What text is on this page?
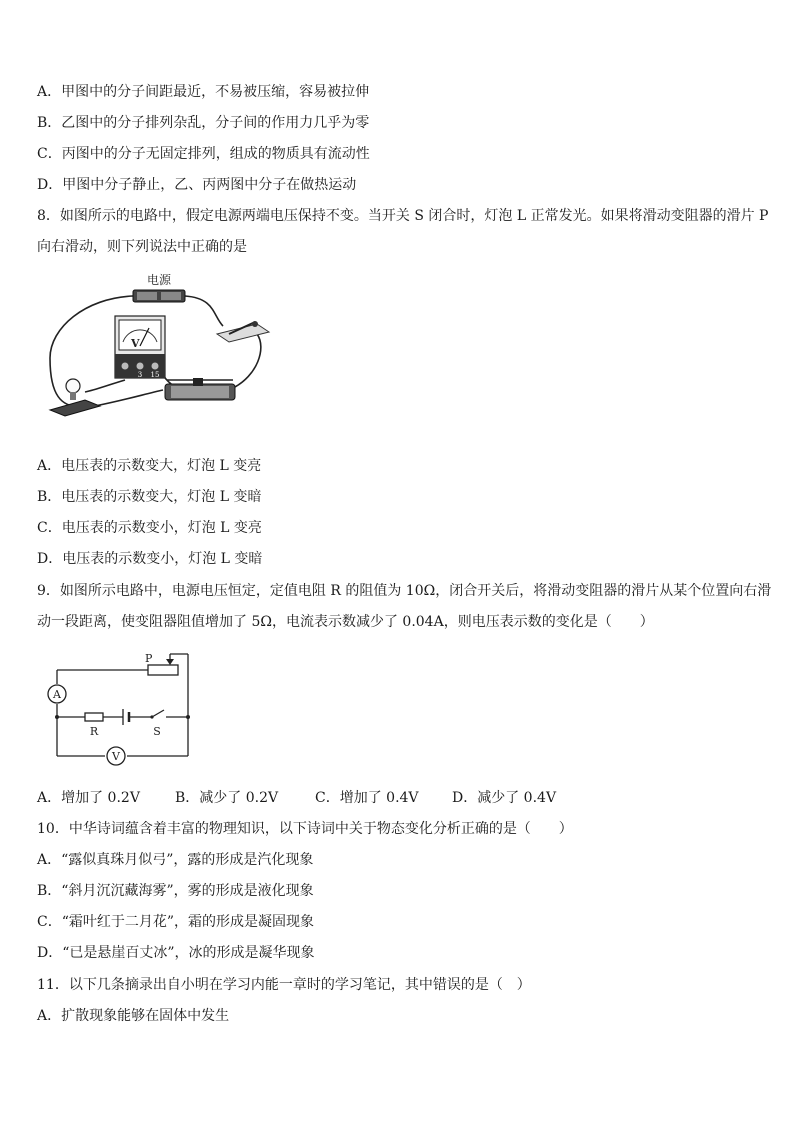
A．甲图中的分子间距最近，不易被压缩，容易被拉伸
B．乙图中的分子排列杂乱，分子间的作用力几乎为零
C．丙图中的分子无固定排列，组成的物质具有流动性
D．甲图中分子静止，乙、丙两图中分子在做热运动
8．如图所示的电路中，假定电源两端电压保持不变。当开关 S 闭合时，灯泡 L 正常发光。如果将滑动变阻器的滑片 P
向右滑动，则下列说法中正确的是
电源
V
3 15
A．电压表的示数变大，灯泡 L 变亮
B．电压表的示数变大，灯泡 L 变暗
C．电压表的示数变小，灯泡 L 变亮
D．电压表的示数变小，灯泡 L 变暗
9．如图所示电路中，电源电压恒定，定值电阻 R 的阻值为 10Ω，闭合开关后，将滑动变阻器的滑片从某个位置向右滑
动一段距离，使变阻器阻值增加了 5Ω，电流表示数减少了 0.04A，则电压表示数的变化是（　　）
P
A
R	S
V
A．增加了 0.2V	B．减少了 0.2V	C．增加了 0.4V D．减少了 0.4V
10．中华诗词蕴含着丰富的物理知识，以下诗词中关于物态变化分析正确的是（　　）
A．“露似真珠月似弓”，露的形成是汽化现象
B．“斜月沉沉藏海雾”，雾的形成是液化现象
C．“霜叶红于二月花”，霜的形成是凝固现象
D．“已是悬崖百丈冰”，冰的形成是凝华现象
11．以下几条摘录出自小明在学习内能一章时的学习笔记，其中错误的是（　）
A．扩散现象能够在固体中发生
